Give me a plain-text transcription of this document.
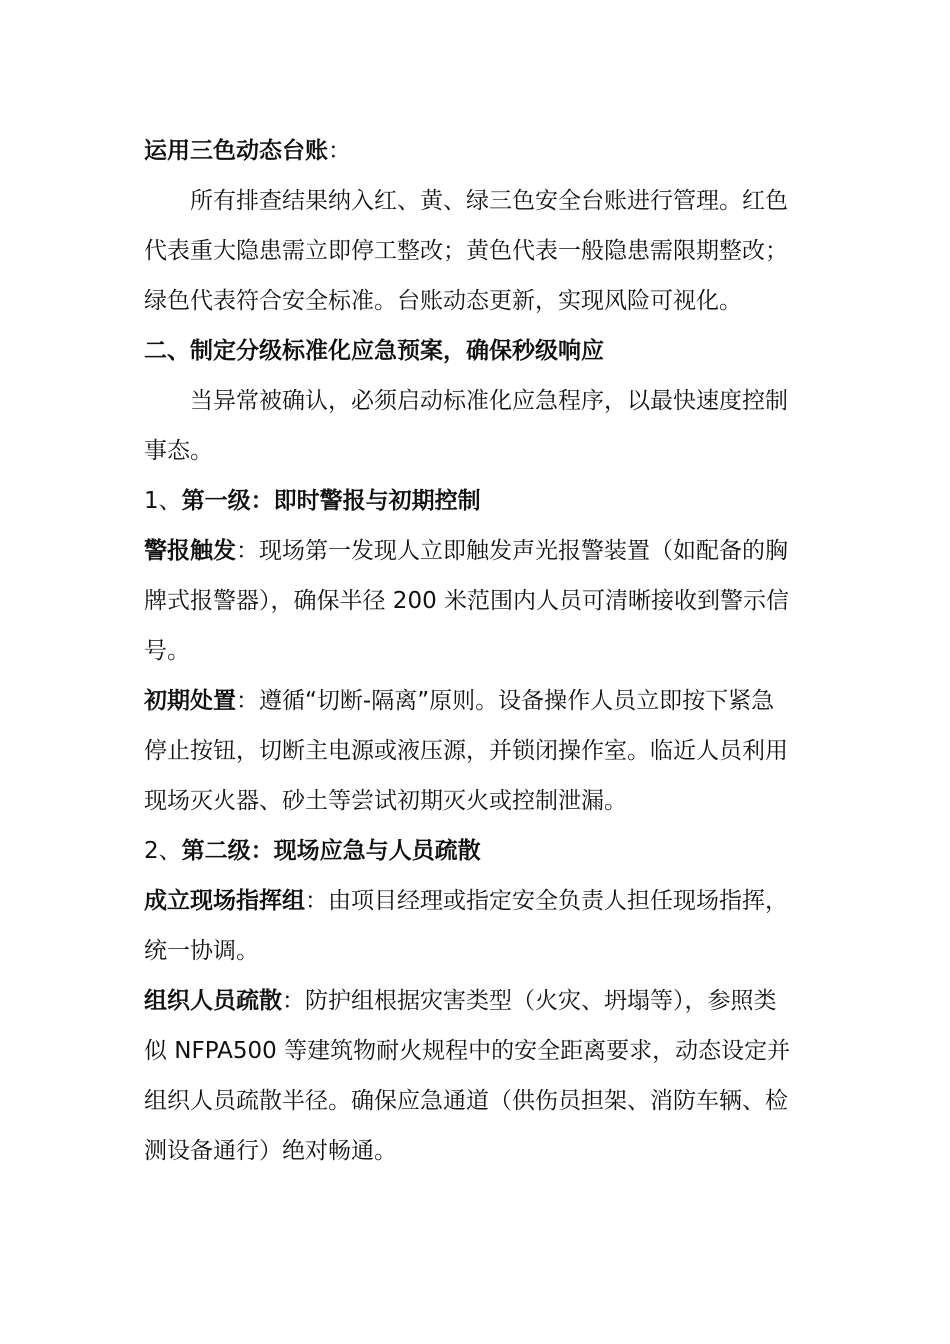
运用三色动态台账：
所有排查结果纳入红、黄、绿三色安全台账进行管理。红色
代表重大隐患需立即停工整改；黄色代表一般隐患需限期整改；
绿色代表符合安全标准。台账动态更新，实现风险可视化。
二、制定分级标准化应急预案，确保秒级响应
当异常被确认，必须启动标准化应急程序，以最快速度控制
事态。
1、第一级：即时警报与初期控制
警报触发：现场第一发现人立即触发声光报警装置（如配备的胸
牌式报警器），确保半径 200 米范围内人员可清晰接收到警示信
号。
初期处置：遵循“切断-隔离”原则。设备操作人员立即按下紧急
停止按钮，切断主电源或液压源，并锁闭操作室。临近人员利用
现场灭火器、砂土等尝试初期灭火或控制泄漏。
2、第二级：现场应急与人员疏散
成立现场指挥组：由项目经理或指定安全负责人担任现场指挥，
统一协调。
组织人员疏散：防护组根据灾害类型（火灾、坍塌等），参照类
似 NFPA500 等建筑物耐火规程中的安全距离要求，动态设定并
组织人员疏散半径。确保应急通道（供伤员担架、消防车辆、检
测设备通行）绝对畅通。
